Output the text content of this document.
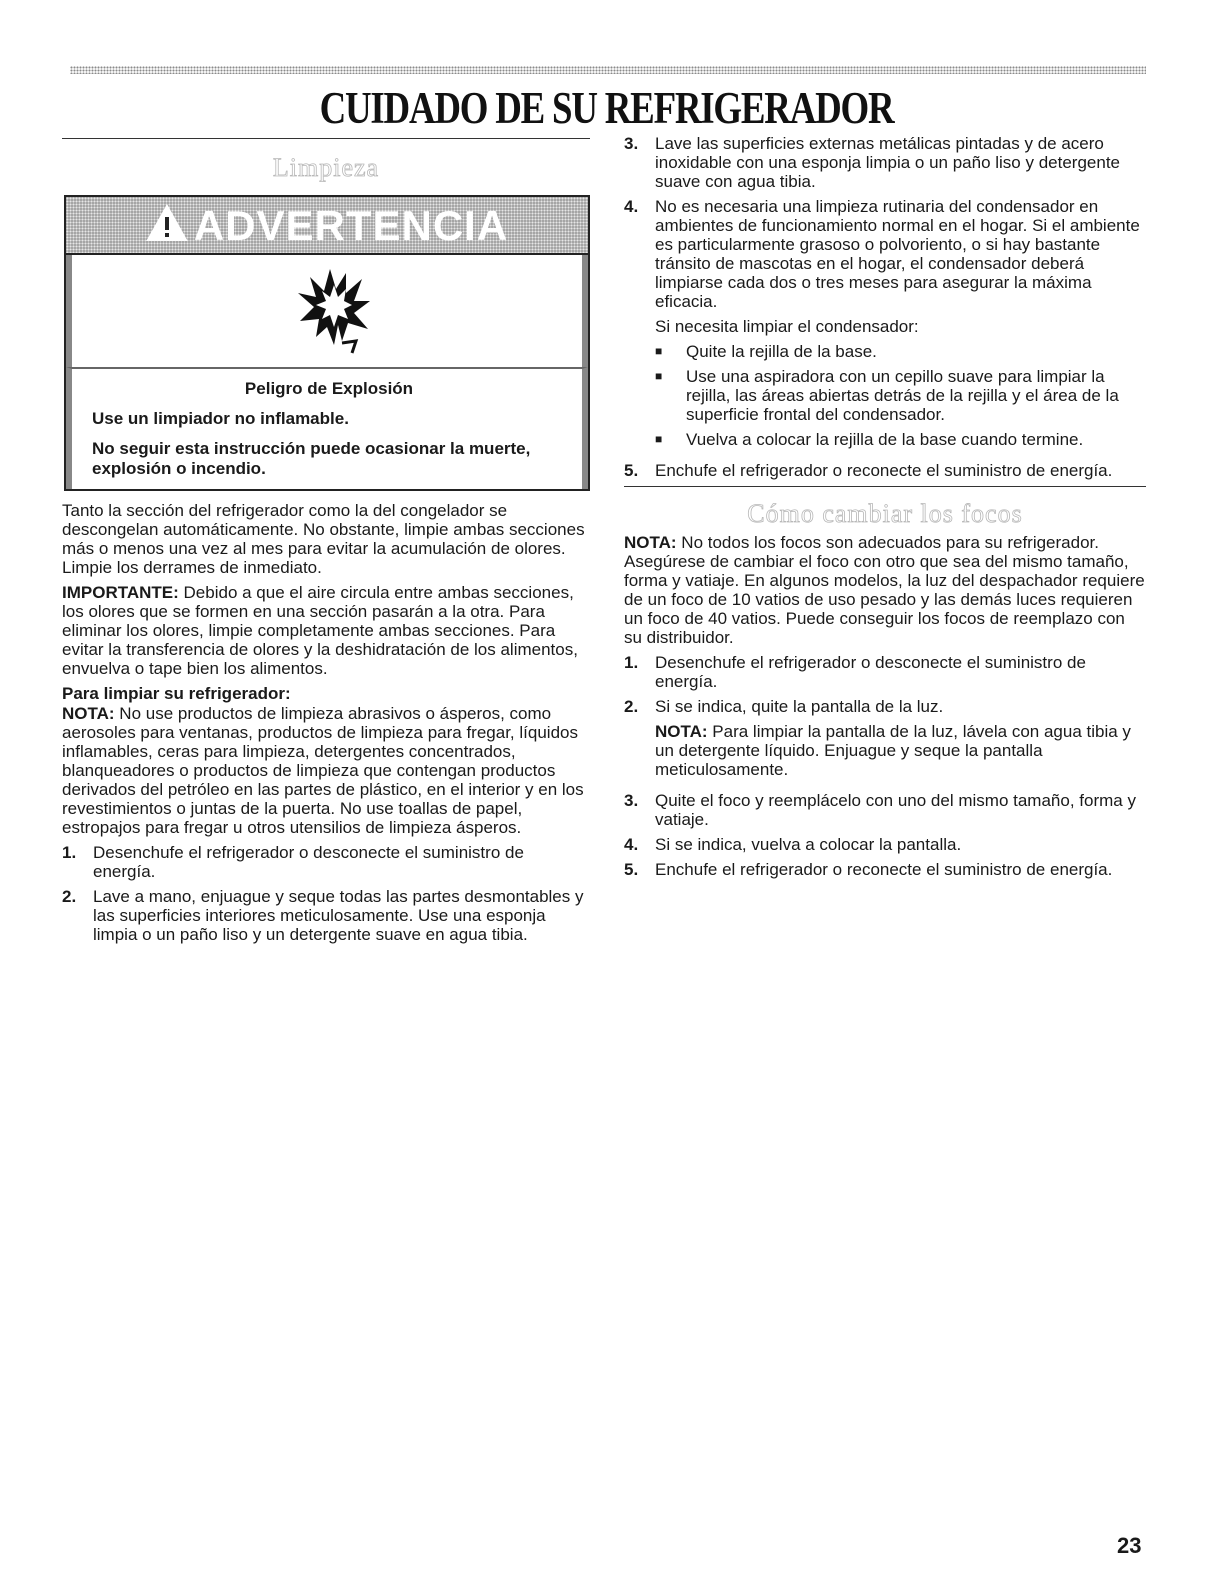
CUIDADO DE SU REFRIGERADOR
Limpieza
ADVERTENCIA

Peligro de Explosión

Use un limpiador no inflamable.

No seguir esta instrucción puede ocasionar la muerte, explosión o incendio.

Tanto la sección del refrigerador como la del congelador se descongelan automáticamente. No obstante, limpie ambas secciones más o menos una vez al mes para evitar la acumulación de olores. Limpie los derrames de inmediato.

IMPORTANTE: Debido a que el aire circula entre ambas secciones, los olores que se formen en una sección pasarán a la otra. Para eliminar los olores, limpie completamente ambas secciones. Para evitar la transferencia de olores y la deshidratación de los alimentos, envuelva o tape bien los alimentos.

Para limpiar su refrigerador:

NOTA: No use productos de limpieza abrasivos o ásperos, como aerosoles para ventanas, productos de limpieza para fregar, líquidos inflamables, ceras para limpieza, detergentes concentrados, blanqueadores o productos de limpieza que contengan productos derivados del petróleo en las partes de plástico, en el interior y en los revestimientos o juntas de la puerta. No use toallas de papel, estropajos para fregar u otros utensilios de limpieza ásperos.

1. Desenchufe el refrigerador o desconecte el suministro de energía.
2. Lave a mano, enjuague y seque todas las partes desmontables y las superficies interiores meticulosamente. Use una esponja limpia o un paño liso y un detergente suave en agua tibia.
3. Lave las superficies externas metálicas pintadas y de acero inoxidable con una esponja limpia o un paño liso y detergente suave con agua tibia.
4. No es necesaria una limpieza rutinaria del condensador en ambientes de funcionamiento normal en el hogar. Si el ambiente es particularmente grasoso o polvoriento, o si hay bastante tránsito de mascotas en el hogar, el condensador deberá limpiarse cada dos o tres meses para asegurar la máxima eficacia.

Si necesita limpiar el condensador:

■	Quite la rejilla de la base.
■	Use una aspiradora con un cepillo suave para limpiar la rejilla, las áreas abiertas detrás de la rejilla y el área de la superficie frontal del condensador.
■	Vuelva a colocar la rejilla de la base cuando termine.
5. Enchufe el refrigerador o reconecte el suministro de energía.
Cómo cambiar los focos

NOTA: No todos los focos son adecuados para su refrigerador. Asegúrese de cambiar el foco con otro que sea del mismo tamaño, forma y vatiaje. En algunos modelos, la luz del despachador requiere de un foco de 10 vatios de uso pesado y las demás luces requieren un foco de 40 vatios. Puede conseguir los focos de reemplazo con su distribuidor.

1. Desenchufe el refrigerador o desconecte el suministro de energía.
2. Si se indica, quite la pantalla de la luz.

NOTA: Para limpiar la pantalla de la luz, lávela con agua tibia y un detergente líquido. Enjuague y seque la pantalla meticulosamente.

3. Quite el foco y reemplácelo con uno del mismo tamaño, forma y vatiaje.
4. Si se indica, vuelva a colocar la pantalla.
5. Enchufe el refrigerador o reconecte el suministro de energía.
23
